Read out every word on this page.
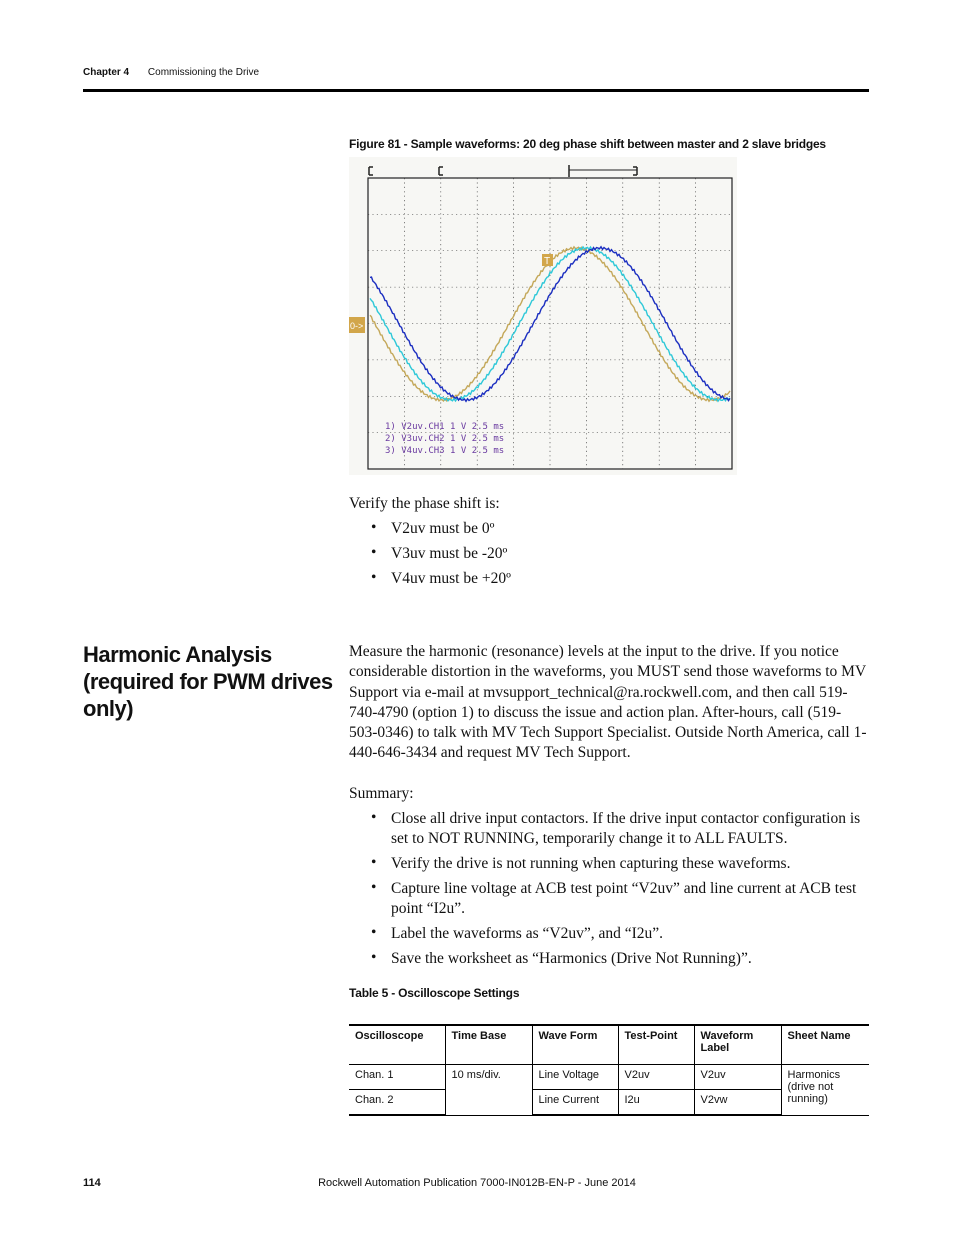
Chapter 4 Commissioning the Drive
Figure 81 - Sample waveforms: 20 deg phase shift between master and 2 slave bridges
0->
T
1) V2uv.CH1 1 V 2.5 ms
2) V3uv.CH2 1 V 2.5 ms
3) V4uv.CH3 1 V 2.5 ms
Verify the phase shift is:
• V2uv must be 0º
• V3uv must be -20º
• V4uv must be +20º
Harmonic Analysis (required for PWM drives only)
Measure the harmonic (resonance) levels at the input to the drive. If you notice considerable distortion in the waveforms, you MUST send those waveforms to MV Support via e-mail at mvsupport_technical@ra.rockwell.com, and then call 519-740-4790 (option 1) to discuss the issue and action plan. After-hours, call (519-503-0346) to talk with MV Tech Support Specialist. Outside North America, call 1-440-646-3434 and request MV Tech Support.
Summary:
• Close all drive input contactors. If the drive input contactor configuration is set to NOT RUNNING, temporarily change it to ALL FAULTS.
• Verify the drive is not running when capturing these waveforms.
• Capture line voltage at ACB test point “V2uv” and line current at ACB test point “I2u”.
• Label the waveforms as “V2uv”, and “I2u”.
• Save the worksheet as “Harmonics (Drive Not Running)”.
Table 5 - Oscilloscope Settings
Oscilloscope	Time Base	Wave Form	Test-Point	Waveform Label	Sheet Name
Chan. 1	10 ms/div.	Line Voltage	V2uv	V2uv	Harmonics (drive not running)
Chan. 2		Line Current	I2u	V2vw	
114	Rockwell Automation Publication 7000-IN012B-EN-P - June 2014
